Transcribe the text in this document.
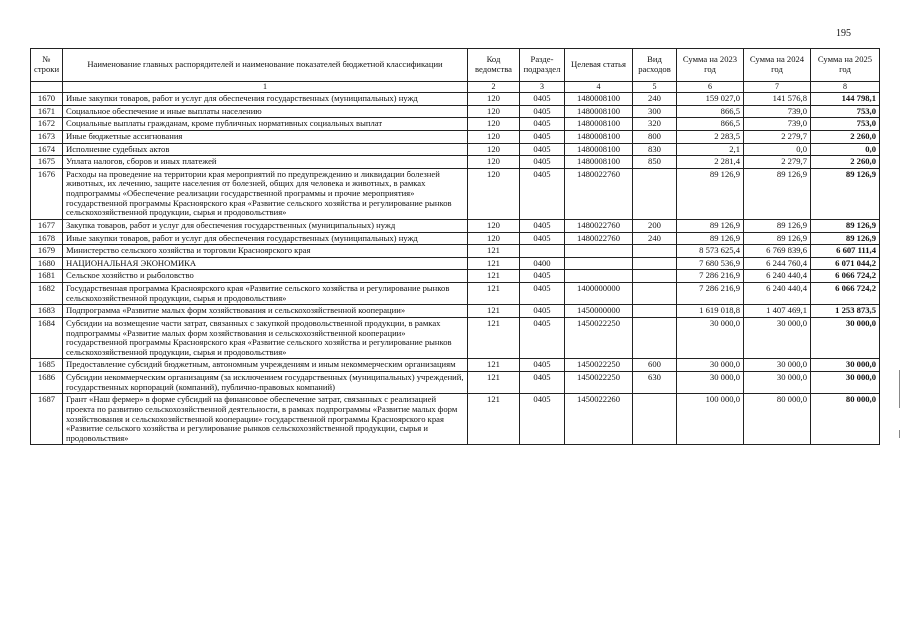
195
№ строки	Наименование главных распорядителей и наименование показателей бюджетной классификации	Код ведомства	Разде-подраздел	Целевая статья	Вид расходов	Сумма на 2023 год	Сумма на 2024 год	Сумма на 2025 год
	1	2	3	4	5	6	7	8
1670	Иные закупки товаров, работ и услуг для обеспечения государственных (муниципальных) нужд	120	0405	1480008100	240	159 027,0	141 576,8	144 798,1
1671	Социальное обеспечение и иные выплаты населению	120	0405	1480008100	300	866,5	739,0	753,0
1672	Социальные выплаты гражданам, кроме публичных нормативных социальных выплат	120	0405	1480008100	320	866,5	739,0	753,0
1673	Иные бюджетные ассигнования	120	0405	1480008100	800	2 283,5	2 279,7	2 260,0
1674	Исполнение судебных актов	120	0405	1480008100	830	2,1	0,0	0,0
1675	Уплата налогов, сборов и иных платежей	120	0405	1480008100	850	2 281,4	2 279,7	2 260,0
1676	Расходы на проведение на территории края мероприятий по предупреждению и ликвидации болезней животных, их лечению, защите населения от болезней, общих для человека и животных, в рамках подпрограммы «Обеспечение реализации государственной программы и прочие мероприятия» государственной программы Красноярского края «Развитие сельского хозяйства и регулирование рынков сельскохозяйственной продукции, сырья и продовольствия»	120	0405	1480022760		89 126,9	89 126,9	89 126,9
1677	Закупка товаров, работ и услуг для обеспечения государственных (муниципальных) нужд	120	0405	1480022760	200	89 126,9	89 126,9	89 126,9
1678	Иные закупки товаров, работ и услуг для обеспечения государственных (муниципальных) нужд	120	0405	1480022760	240	89 126,9	89 126,9	89 126,9
1679	Министерство сельского хозяйства и торговли Красноярского края	121				8 573 625,4	6 769 839,6	6 607 111,4
1680	НАЦИОНАЛЬНАЯ ЭКОНОМИКА	121	0400			7 680 536,9	6 244 760,4	6 071 044,2
1681	Сельское хозяйство и рыболовство	121	0405			7 286 216,9	6 240 440,4	6 066 724,2
1682	Государственная программа Красноярского края «Развитие сельского хозяйства и регулирование рынков сельскохозяйственной продукции, сырья и продовольствия»	121	0405	1400000000		7 286 216,9	6 240 440,4	6 066 724,2
1683	Подпрограмма «Развитие малых форм хозяйствования и сельскохозяйственной кооперации»	121	0405	1450000000		1 619 018,8	1 407 469,1	1 253 873,5
1684	Субсидии на возмещение части затрат, связанных с закупкой продовольственной продукции, в рамках подпрограммы «Развитие малых форм хозяйствования и сельскохозяйственной кооперации» государственной программы Красноярского края «Развитие сельского хозяйства и регулирование рынков сельскохозяйственной продукции, сырья и продовольствия»	121	0405	1450022250		30 000,0	30 000,0	30 000,0
1685	Предоставление субсидий бюджетным, автономным учреждениям и иным некоммерческим организациям	121	0405	1450022250	600	30 000,0	30 000,0	30 000,0
1686	Субсидии некоммерческим организациям (за исключением государственных (муниципальных) учреждений, государственных корпораций (компаний), публично-правовых компаний)	121	0405	1450022250	630	30 000,0	30 000,0	30 000,0
1687	Грант «Наш фермер» в форме субсидий на финансовое обеспечение затрат, связанных с реализацией проекта по развитию сельскохозяйственной деятельности, в рамках подпрограммы «Развитие малых форм хозяйствования и сельскохозяйственной кооперации» государственной программы Красноярского края «Развитие сельского хозяйства и регулирование рынков сельскохозяйственной продукции, сырья и продовольствия»	121	0405	1450022260		100 000,0	80 000,0	80 000,0
